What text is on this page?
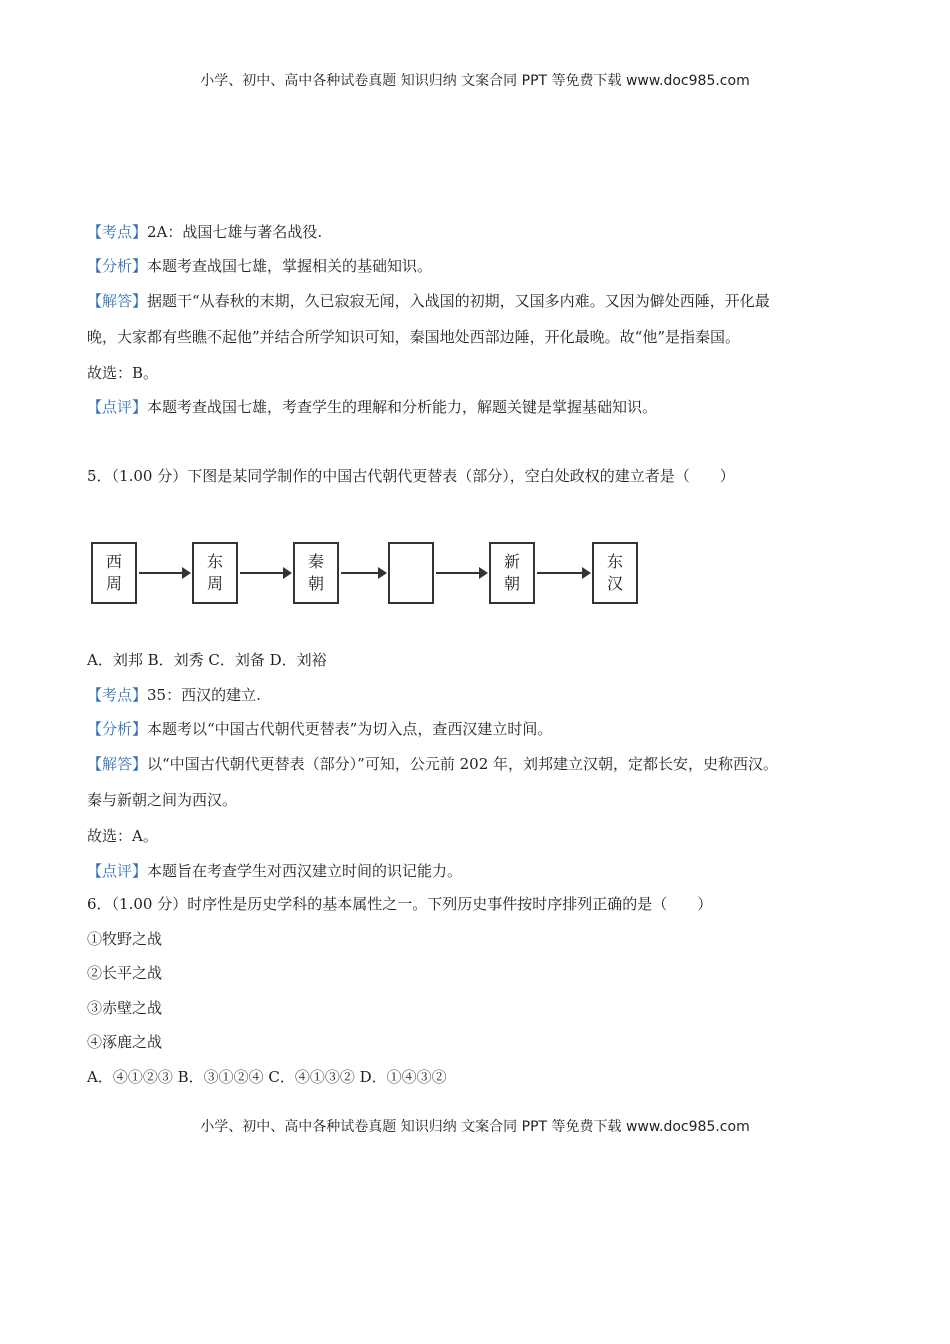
小学、初中、高中各种试卷真题 知识归纳 文案合同 PPT 等免费下载 www.doc985.com
【考点】2A：战国七雄与著名战役.
【分析】本题考查战国七雄，掌握相关的基础知识。
【解答】据题干“从春秋的末期，久已寂寂无闻，入战国的初期，又国多内难。又因为僻处西陲，开化最
晚，大家都有些瞧不起他”并结合所学知识可知，秦国地处西部边陲，开化最晚。故“他”是指秦国。
故选：B。
【点评】本题考查战国七雄，考查学生的理解和分析能力，解题关键是掌握基础知识。
5．（1.00 分）下图是某同学制作的中国古代朝代更替表（部分），空白处政权的建立者是（　　）
西
周
东
周
秦
朝
新
朝
东
汉
A．刘邦 B．刘秀 C．刘备 D．刘裕
【考点】35：西汉的建立.
【分析】本题考以“中国古代朝代更替表”为切入点，查西汉建立时间。
【解答】以“中国古代朝代更替表（部分）”可知，公元前 202 年，刘邦建立汉朝，定都长安，史称西汉。
秦与新朝之间为西汉。
故选：A。
【点评】本题旨在考查学生对西汉建立时间的识记能力。
6．（1.00 分）时序性是历史学科的基本属性之一。下列历史事件按时序排列正确的是（　　）
①牧野之战
②长平之战
③赤壁之战
④涿鹿之战
A．④①②③ B．③①②④ C．④①③② D．①④③②
小学、初中、高中各种试卷真题 知识归纳 文案合同 PPT 等免费下载 www.doc985.com
